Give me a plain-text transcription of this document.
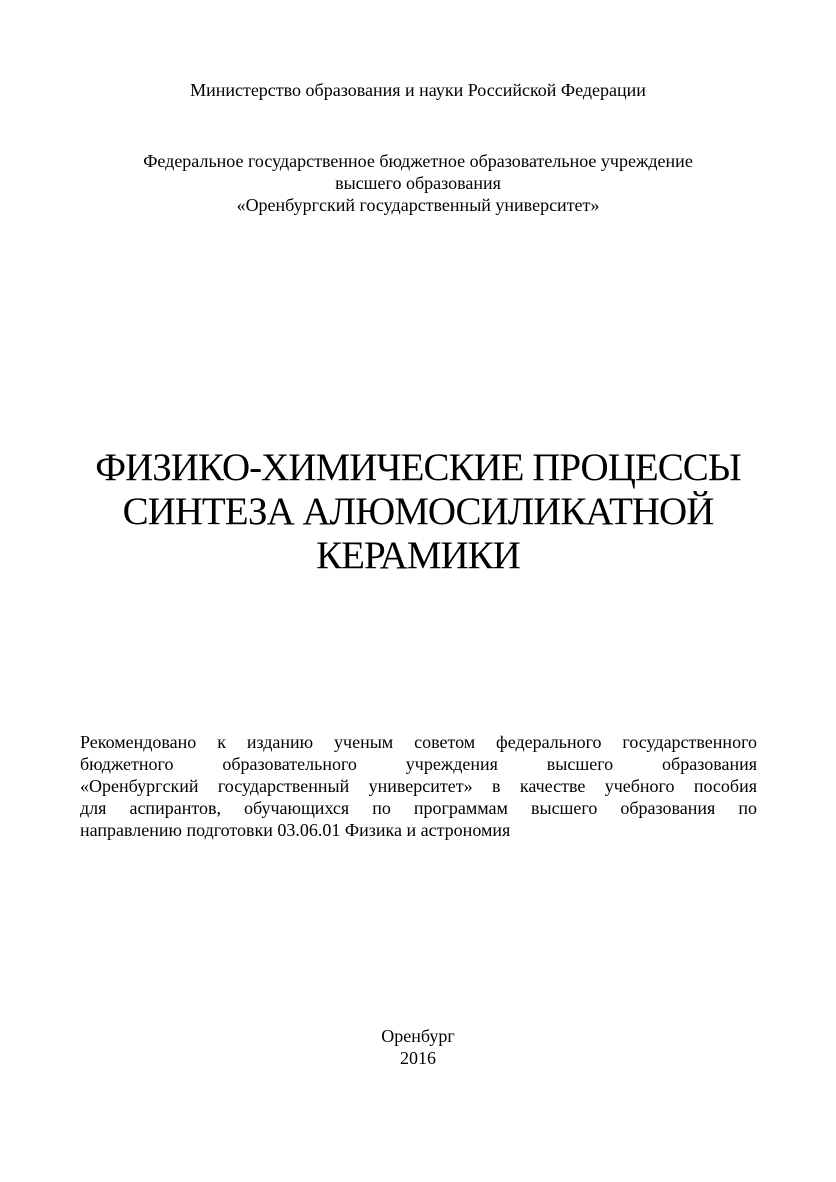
Министерство образования и науки Российской Федерации
Федеральное государственное бюджетное образовательное учреждение
высшего образования
«Оренбургский государственный университет»
ФИЗИКО-ХИМИЧЕСКИЕ ПРОЦЕССЫ
СИНТЕЗА АЛЮМОСИЛИКАТНОЙ
КЕРАМИКИ
Рекомендовано к изданию ученым советом федерального государственного
бюджетного образовательного учреждения высшего образования
«Оренбургский государственный университет» в качестве учебного пособия
для аспирантов, обучающихся по программам высшего образования по
направлению подготовки 03.06.01 Физика и астрономия
Оренбург
2016
